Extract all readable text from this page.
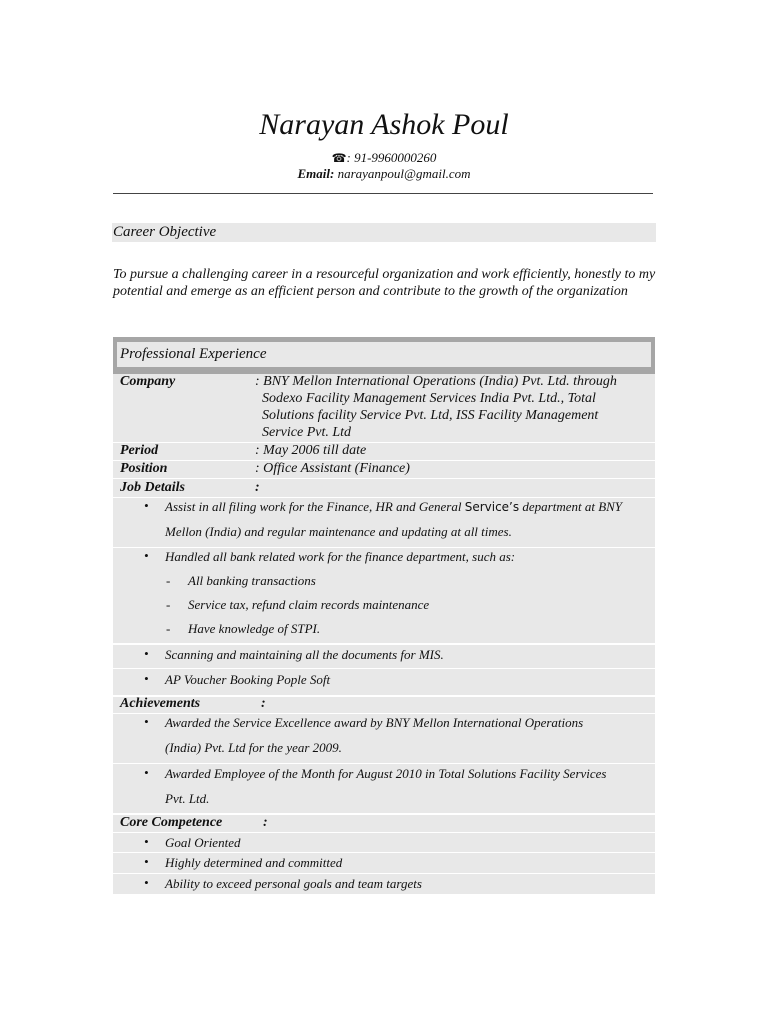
Narayan Ashok Poul
☎: 91-9960000260
Email: narayanpoul@gmail.com
Career Objective
To pursue a challenging career in a resourceful organization and work efficiently, honestly to my potential and emerge as an efficient person and contribute to the growth of the organization
Professional Experience
Company	: BNY Mellon International Operations (India) Pvt. Ltd. through
Sodexo Facility Management Services India Pvt. Ltd., Total
Solutions facility Service Pvt. Ltd, ISS Facility Management
Service Pvt. Ltd
Period	: May 2006 till date
Position	: Office Assistant (Finance)
Job Details	:
• Assist in all filing work for the Finance, HR and General Service’s department at BNY
Mellon (India) and regular maintenance and updating at all times.
• Handled all bank related work for the finance department, such as:
- All banking transactions
- Service tax, refund claim records maintenance
- Have knowledge of STPI.
• Scanning and maintaining all the documents for MIS.
• AP Voucher Booking Pople Soft
Achievements	:
• Awarded the Service Excellence award by BNY Mellon International Operations
(India) Pvt. Ltd for the year 2009.
• Awarded Employee of the Month for August 2010 in Total Solutions Facility Services
Pvt. Ltd.
Core Competence	:
• Goal Oriented
• Highly determined and committed
• Ability to exceed personal goals and team targets
